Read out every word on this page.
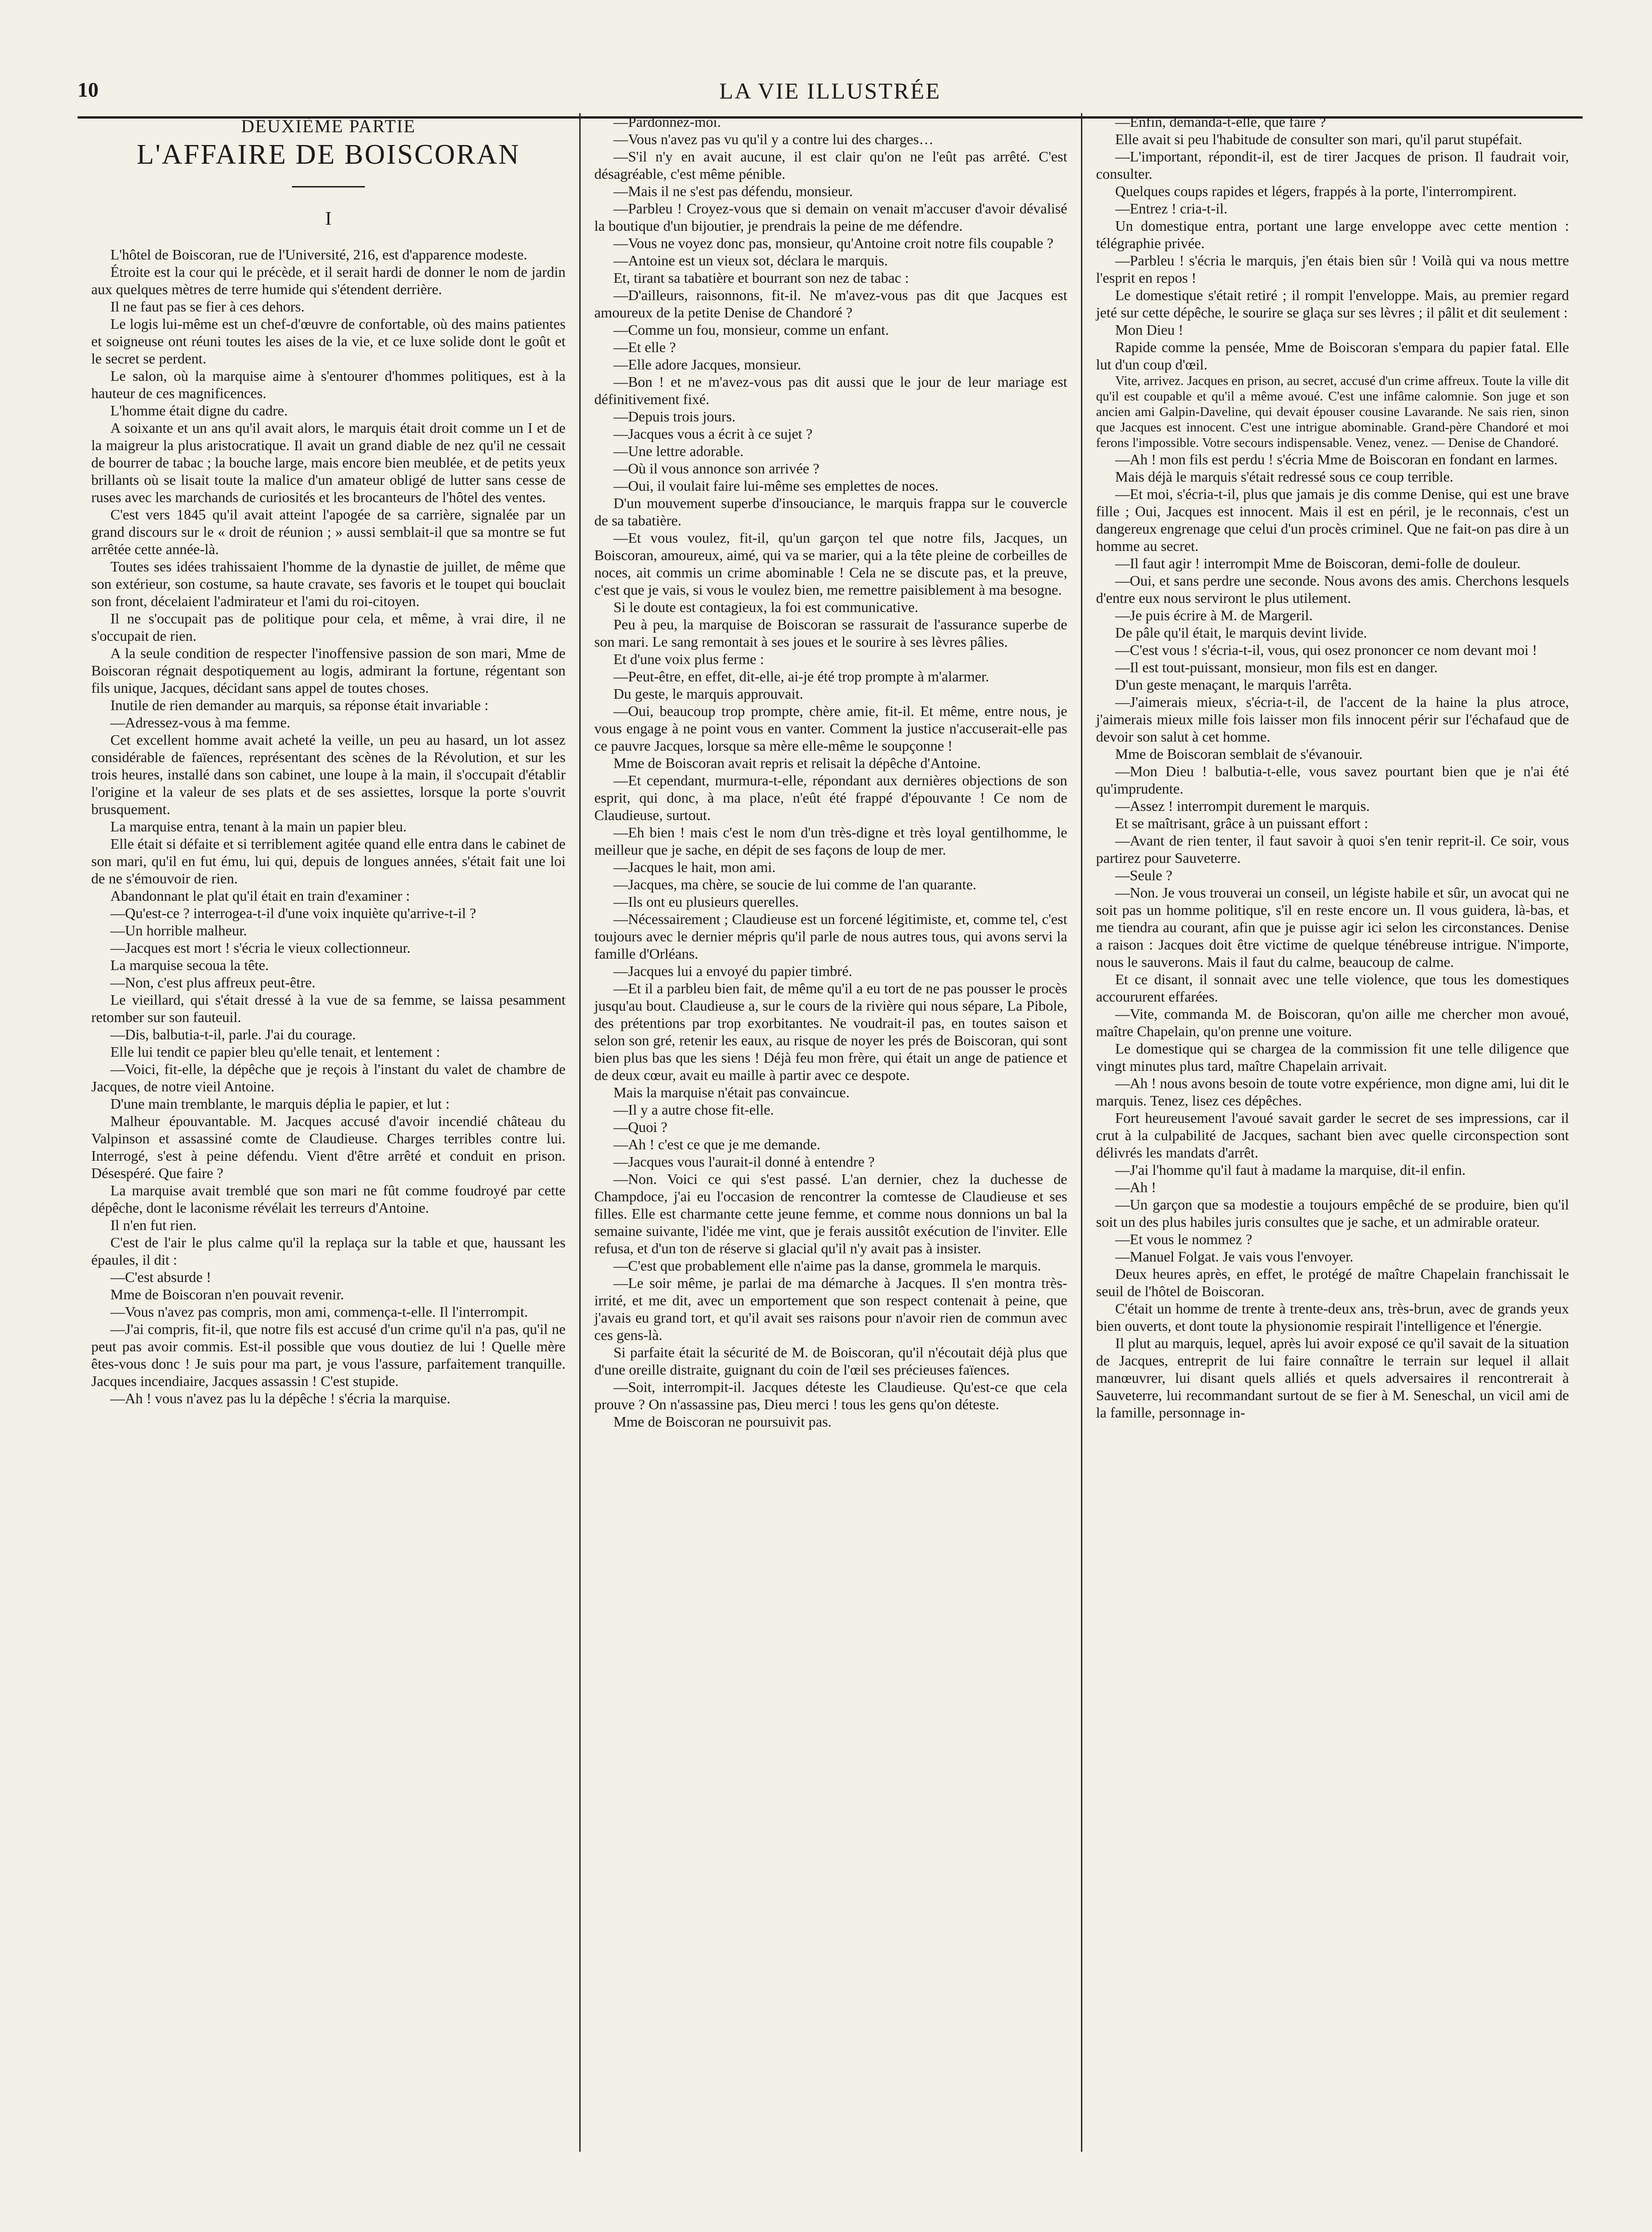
10	LA VIE ILLUSTRÉE
DEUXIÈME PARTIE
L'AFFAIRE DE BOISCORAN
I

L'hôtel de Boiscoran, rue de l'Université, 216, est d'apparence modeste.

Étroite est la cour qui le précède, et il serait hardi de donner le nom de jardin aux quelques mètres de terre humide qui s'étendent derrière.

Il ne faut pas se fier à ces dehors.

Le logis lui-même est un chef-d'œuvre de confortable, où des mains patientes et soigneuse ont réuni toutes les aises de la vie, et ce luxe solide dont le goût et le secret se perdent.

Le salon, où la marquise aime à s'entourer d'hommes politiques, est à la hauteur de ces magnificences.

L'homme était digne du cadre.

A soixante et un ans qu'il avait alors, le marquis était droit comme un I et de la maigreur la plus aristocratique. Il avait un grand diable de nez qu'il ne cessait de bourrer de tabac ; la bouche large, mais encore bien meublée, et de petits yeux brillants où se lisait toute la malice d'un amateur obligé de lutter sans cesse de ruses avec les marchands de curiosités et les brocanteurs de l'hôtel des ventes.

C'est vers 1845 qu'il avait atteint l'apogée de sa carrière, signalée par un grand discours sur le « droit de réunion ; » aussi semblait-il que sa montre se fut arrêtée cette année-là.

Toutes ses idées trahissaient l'homme de la dynastie de juillet, de même que son extérieur, son costume, sa haute cravate, ses favoris et le toupet qui bouclait son front, décelaient l'admirateur et l'ami du roi-citoyen.

Il ne s'occupait pas de politique pour cela, et même, à vrai dire, il ne s'occupait de rien.

A la seule condition de respecter l'inoffensive passion de son mari, Mme de Boiscoran régnait despotiquement au logis, admirant la fortune, régentant son fils unique, Jacques, décidant sans appel de toutes choses.

Inutile de rien demander au marquis, sa réponse était invariable :

—Adressez-vous à ma femme.

Cet excellent homme avait acheté la veille, un peu au hasard, un lot assez considérable de faïences, représentant des scènes de la Révolution, et sur les trois heures, installé dans son cabinet, une loupe à la main, il s'occupait d'établir l'origine et la valeur de ses plats et de ses assiettes, lorsque la porte s'ouvrit brusquement.

La marquise entra, tenant à la main un papier bleu.

Elle était si défaite et si terriblement agitée quand elle entra dans le cabinet de son mari, qu'il en fut ému, lui qui, depuis de longues années, s'était fait une loi de ne s'émouvoir de rien.

Abandonnant le plat qu'il était en train d'examiner :

—Qu'est-ce ? interrogea-t-il d'une voix inquiète qu'arrive-t-il ?

—Un horrible malheur.

—Jacques est mort ! s'écria le vieux collectionneur.

La marquise secoua la tête.

—Non, c'est plus affreux peut-être.

Le vieillard, qui s'était dressé à la vue de sa femme, se laissa pesamment retomber sur son fauteuil.

—Dis, balbutia-t-il, parle. J'ai du courage.

Elle lui tendit ce papier bleu qu'elle tenait, et lentement :

—Voici, fit-elle, la dépêche que je reçois à l'instant du valet de chambre de Jacques, de notre vieil Antoine.

D'une main tremblante, le marquis déplia le papier, et lut :

Malheur épouvantable. M. Jacques accusé d'avoir incendié château du Valpinson et assassiné comte de Claudieuse. Charges terribles contre lui. Interrogé, s'est à peine défendu. Vient d'être arrêté et conduit en prison. Désespéré. Que faire ?

La marquise avait tremblé que son mari ne fût comme foudroyé par cette dépêche, dont le laconisme révélait les terreurs d'Antoine.

Il n'en fut rien.

C'est de l'air le plus calme qu'il la replaça sur la table et que, haussant les épaules, il dit :

—C'est absurde !

Mme de Boiscoran n'en pouvait revenir.

—Vous n'avez pas compris, mon ami, commença-t-elle. Il l'interrompit.

—J'ai compris, fit-il, que notre fils est accusé d'un crime qu'il n'a pas, qu'il ne peut pas avoir commis. Est-il possible que vous doutiez de lui ! Quelle mère êtes-vous donc ! Je suis pour ma part, je vous l'assure, parfaitement tranquille. Jacques incendiaire, Jacques assassin ! C'est stupide.

—Ah ! vous n'avez pas lu la dépêche ! s'écria la marquise.

—Pardonnez-moi.

—Vous n'avez pas vu qu'il y a contre lui des charges…

—S'il n'y en avait aucune, il est clair qu'on ne l'eût pas arrêté. C'est désagréable, c'est même pénible.

—Mais il ne s'est pas défendu, monsieur.

—Parbleu ! Croyez-vous que si demain on venait m'accuser d'avoir dévalisé la boutique d'un bijoutier, je prendrais la peine de me défendre.

—Vous ne voyez donc pas, monsieur, qu'Antoine croit notre fils coupable ?

—Antoine est un vieux sot, déclara le marquis.

Et, tirant sa tabatière et bourrant son nez de tabac :

—D'ailleurs, raisonnons, fit-il. Ne m'avez-vous pas dit que Jacques est amoureux de la petite Denise de Chandoré ?

—Comme un fou, monsieur, comme un enfant.

—Et elle ?

—Elle adore Jacques, monsieur.

—Bon ! et ne m'avez-vous pas dit aussi que le jour de leur mariage est définitivement fixé.

—Depuis trois jours.

—Jacques vous a écrit à ce sujet ?

—Une lettre adorable.

—Où il vous annonce son arrivée ?

—Oui, il voulait faire lui-même ses emplettes de noces.

D'un mouvement superbe d'insouciance, le marquis frappa sur le couvercle de sa tabatière.

—Et vous voulez, fit-il, qu'un garçon tel que notre fils, Jacques, un Boiscoran, amoureux, aimé, qui va se marier, qui a la tête pleine de corbeilles de noces, ait commis un crime abominable ! Cela ne se discute pas, et la preuve, c'est que je vais, si vous le voulez bien, me remettre paisiblement à ma besogne.

Si le doute est contagieux, la foi est communicative.

Peu à peu, la marquise de Boiscoran se rassurait de l'assurance superbe de son mari. Le sang remontait à ses joues et le sourire à ses lèvres pâlies.

Et d'une voix plus ferme :

—Peut-être, en effet, dit-elle, ai-je été trop prompte à m'alarmer.

Du geste, le marquis approuvait.

—Oui, beaucoup trop prompte, chère amie, fit-il. Et même, entre nous, je vous engage à ne point vous en vanter. Comment la justice n'accuserait-elle pas ce pauvre Jacques, lorsque sa mère elle-même le soupçonne !

Mme de Boiscoran avait repris et relisait la dépêche d'Antoine.

—Et cependant, murmura-t-elle, répondant aux dernières objections de son esprit, qui donc, à ma place, n'eût été frappé d'épouvante ! Ce nom de Claudieuse, surtout.

—Eh bien ! mais c'est le nom d'un très-digne et très loyal gentilhomme, le meilleur que je sache, en dépit de ses façons de loup de mer.

—Jacques le hait, mon ami.

—Jacques, ma chère, se soucie de lui comme de l'an quarante.

—Ils ont eu plusieurs querelles.

—Nécessairement ; Claudieuse est un forcené légitimiste, et, comme tel, c'est toujours avec le dernier mépris qu'il parle de nous autres tous, qui avons servi la famille d'Orléans.

—Jacques lui a envoyé du papier timbré.

—Et il a parbleu bien fait, de même qu'il a eu tort de ne pas pousser le procès jusqu'au bout. Claudieuse a, sur le cours de la rivière qui nous sépare, La Pibole, des prétentions par trop exorbitantes. Ne voudrait-il pas, en toutes saison et selon son gré, retenir les eaux, au risque de noyer les prés de Boiscoran, qui sont bien plus bas que les siens ! Déjà feu mon frère, qui était un ange de patience et de deux cœur, avait eu maille à partir avec ce despote.

Mais la marquise n'était pas convaincue.

—Il y a autre chose fit-elle.

—Quoi ?

—Ah ! c'est ce que je me demande.

—Jacques vous l'aurait-il donné à entendre ?

—Non. Voici ce qui s'est passé. L'an dernier, chez la duchesse de Champdoce, j'ai eu l'occasion de rencontrer la comtesse de Claudieuse et ses filles. Elle est charmante cette jeune femme, et comme nous donnions un bal la semaine suivante, l'idée me vint, que je ferais aussitôt exécution de l'inviter. Elle refusa, et d'un ton de réserve si glacial qu'il n'y avait pas à insister.

—C'est que probablement elle n'aime pas la danse, grommela le marquis.

—Le soir même, je parlai de ma démarche à Jacques. Il s'en montra très-irrité, et me dit, avec un emportement que son respect contenait à peine, que j'avais eu grand tort, et qu'il avait ses raisons pour n'avoir rien de commun avec ces gens-là.

Si parfaite était la sécurité de M. de Boiscoran, qu'il n'écoutait déjà plus que d'une oreille distraite, guignant du coin de l'œil ses précieuses faïences.

—Soit, interrompit-il. Jacques déteste les Claudieuse. Qu'est-ce que cela prouve ? On n'assassine pas, Dieu merci ! tous les gens qu'on déteste.

Mme de Boiscoran ne poursuivit pas.

—Enfin, demanda-t-elle, que faire ?

Elle avait si peu l'habitude de consulter son mari, qu'il parut stupéfait.

—L'important, répondit-il, est de tirer Jacques de prison. Il faudrait voir, consulter.

Quelques coups rapides et légers, frappés à la porte, l'interrompirent.

—Entrez ! cria-t-il.

Un domestique entra, portant une large enveloppe avec cette mention : télégraphie privée.

—Parbleu ! s'écria le marquis, j'en étais bien sûr ! Voilà qui va nous mettre l'esprit en repos !

Le domestique s'était retiré ; il rompit l'enveloppe. Mais, au premier regard jeté sur cette dépêche, le sourire se glaça sur ses lèvres ; il pâlit et dit seulement :

Mon Dieu !

Rapide comme la pensée, Mme de Boiscoran s'empara du papier fatal. Elle lut d'un coup d'œil.

Vite, arrivez. Jacques en prison, au secret, accusé d'un crime affreux. Toute la ville dit qu'il est coupable et qu'il a même avoué. C'est une infâme calomnie. Son juge et son ancien ami Galpin-Daveline, qui devait épouser cousine Lavarande. Ne sais rien, sinon que Jacques est innocent. C'est une intrigue abominable. Grand-père Chandoré et moi ferons l'impossible. Votre secours indispensable. Venez, venez. — Denise de Chandoré.

—Ah ! mon fils est perdu ! s'écria Mme de Boiscoran en fondant en larmes.

Mais déjà le marquis s'était redressé sous ce coup terrible.

—Et moi, s'écria-t-il, plus que jamais je dis comme Denise, qui est une brave fille ; Oui, Jacques est innocent. Mais il est en péril, je le reconnais, c'est un dangereux engrenage que celui d'un procès criminel. Que ne fait-on pas dire à un homme au secret.

—Il faut agir ! interrompit Mme de Boiscoran, demi-folle de douleur.

—Oui, et sans perdre une seconde. Nous avons des amis. Cherchons lesquels d'entre eux nous serviront le plus utilement.

—Je puis écrire à M. de Margeril.

De pâle qu'il était, le marquis devint livide.

—C'est vous ! s'écria-t-il, vous, qui osez prononcer ce nom devant moi !

—Il est tout-puissant, monsieur, mon fils est en danger.

D'un geste menaçant, le marquis l'arrêta.

—J'aimerais mieux, s'écria-t-il, de l'accent de la haine la plus atroce, j'aimerais mieux mille fois laisser mon fils innocent périr sur l'échafaud que de devoir son salut à cet homme.

Mme de Boiscoran semblait de s'évanouir.

—Mon Dieu ! balbutia-t-elle, vous savez pourtant bien que je n'ai été qu'imprudente.

—Assez ! interrompit durement le marquis.

Et se maîtrisant, grâce à un puissant effort :

—Avant de rien tenter, il faut savoir à quoi s'en tenir reprit-il. Ce soir, vous partirez pour Sauveterre.

—Seule ?

—Non. Je vous trouverai un conseil, un légiste habile et sûr, un avocat qui ne soit pas un homme politique, s'il en reste encore un. Il vous guidera, là-bas, et me tiendra au courant, afin que je puisse agir ici selon les circonstances. Denise a raison : Jacques doit être victime de quelque ténébreuse intrigue. N'importe, nous le sauverons. Mais il faut du calme, beaucoup de calme.

Et ce disant, il sonnait avec une telle violence, que tous les domestiques accoururent effarées.

—Vite, commanda M. de Boiscoran, qu'on aille me chercher mon avoué, maître Chapelain, qu'on prenne une voiture.

Le domestique qui se chargea de la commission fit une telle diligence que vingt minutes plus tard, maître Chapelain arrivait.

—Ah ! nous avons besoin de toute votre expérience, mon digne ami, lui dit le marquis. Tenez, lisez ces dépêches.

Fort heureusement l'avoué savait garder le secret de ses impressions, car il crut à la culpabilité de Jacques, sachant bien avec quelle circonspection sont délivrés les mandats d'arrêt.

—J'ai l'homme qu'il faut à madame la marquise, dit-il enfin.

—Ah !

—Un garçon que sa modestie a toujours empêché de se produire, bien qu'il soit un des plus habiles juris consultes que je sache, et un admirable orateur.

—Et vous le nommez ?

—Manuel Folgat. Je vais vous l'envoyer.

Deux heures après, en effet, le protégé de maître Chapelain franchissait le seuil de l'hôtel de Boiscoran.

C'était un homme de trente à trente-deux ans, très-brun, avec de grands yeux bien ouverts, et dont toute la physionomie respirait l'intelligence et l'énergie.

Il plut au marquis, lequel, après lui avoir exposé ce qu'il savait de la situation de Jacques, entreprit de lui faire connaître le terrain sur lequel il allait manœuvrer, lui disant quels alliés et quels adversaires il rencontrerait à Sauveterre, lui recommandant surtout de se fier à M. Seneschal, un vicil ami de la famille, personnage in-
